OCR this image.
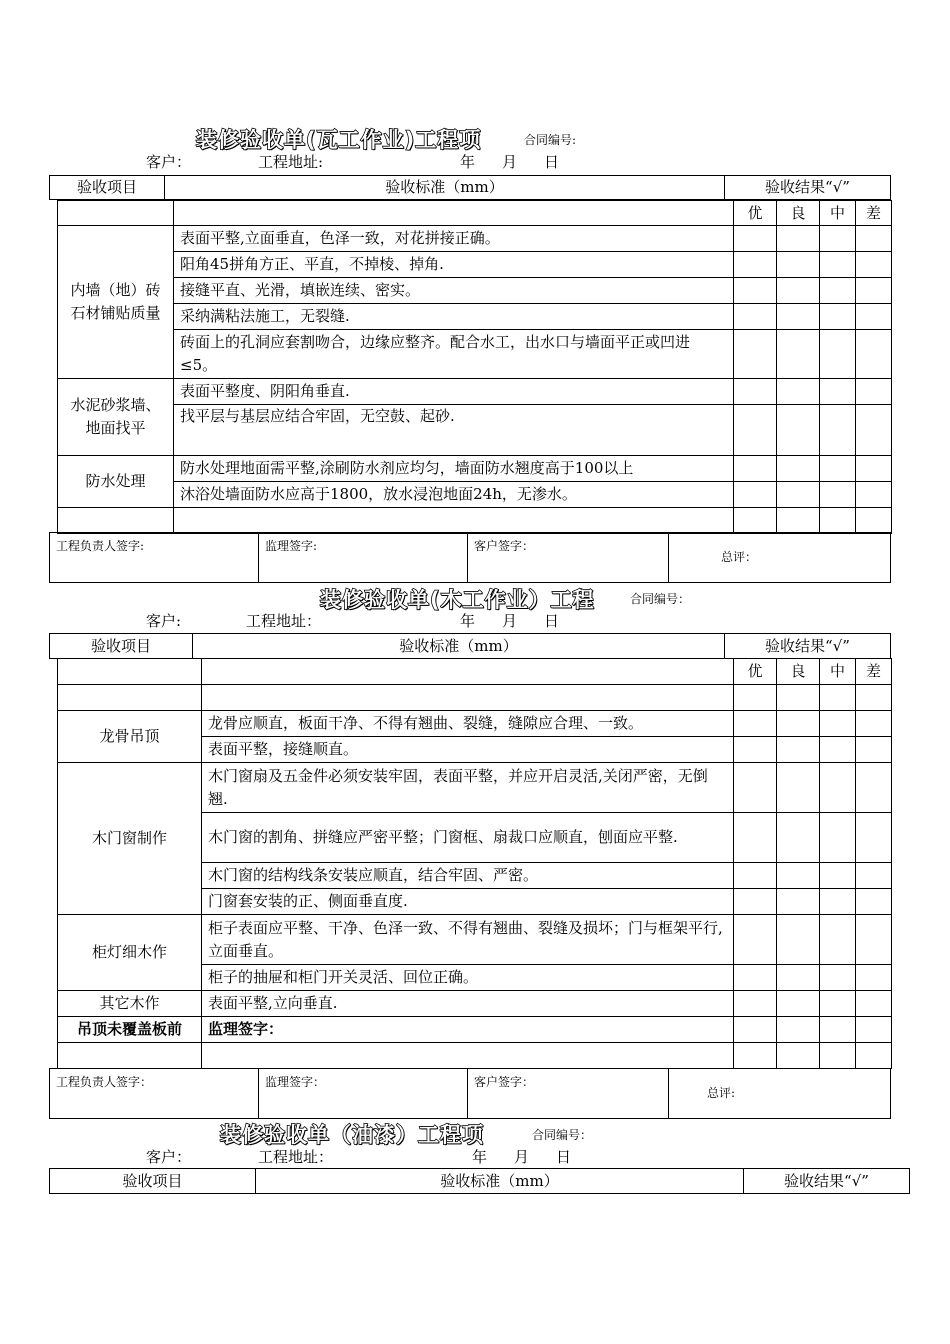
装修验收单(瓦工作业)工程项	合同编号:
客户：	工程地址:	年 月 日
验收项目	验收标准（mm）	验收结果“√”
		优	良	中	差
内墙（地）砖石材铺贴质量	表面平整,立面垂直，色泽一致，对花拼接正确。				
	阳角45拼角方正、平直，不掉棱、掉角.				
	接缝平直、光滑，填嵌连续、密实。				
	采纳满粘法施工，无裂缝.				
	砖面上的孔洞应套割吻合，边缘应整齐。配合水工，出水口与墙面平正或凹进≤5。				
水泥砂浆墙、地面找平	表面平整度、阴阳角垂直.				
	找平层与基层应结合牢固，无空鼓、起砂.				
防水处理	防水处理地面需平整,涂刷防水剂应均匀，墙面防水翘度高于100以上				
	沐浴处墙面防水应高于1800，放水浸泡地面24h，无渗水。				

工程负责人签字:	监理签字:	客户签字：	总评：
装修验收单(木工作业）工程	合同编号：
客户:	工程地址：	年 月 日
验收项目	验收标准（mm）	验收结果“√”
		优	良	中	差

龙骨吊顶	龙骨应顺直，板面干净、不得有翘曲、裂缝，缝隙应合理、一致。				
	表面平整，接缝顺直。				
木门窗制作	木门窗扇及五金件必须安装牢固，表面平整，并应开启灵活,关闭严密，无倒翘.				
	木门窗的割角、拼缝应严密平整；门窗框、扇裁口应顺直，刨面应平整.				
	木门窗的结构线条安装应顺直，结合牢固、严密。				
	门窗套安装的正、侧面垂直度.				
柜灯细木作	柜子表面应平整、干净、色泽一致、不得有翘曲、裂缝及损坏；门与框架平行,立面垂直。				
	柜子的抽屉和柜门开关灵活、回位正确。				
其它木作	表面平整,立向垂直.				
吊顶未覆盖板前	监理签字：				

工程负责人签字：	监理签字：	客户签字：	总评:
装修验收单（油漆）工程项	合同编号：
客户：	工程地址：	年 月 日
验收项目	验收标准（mm）	验收结果“√”
